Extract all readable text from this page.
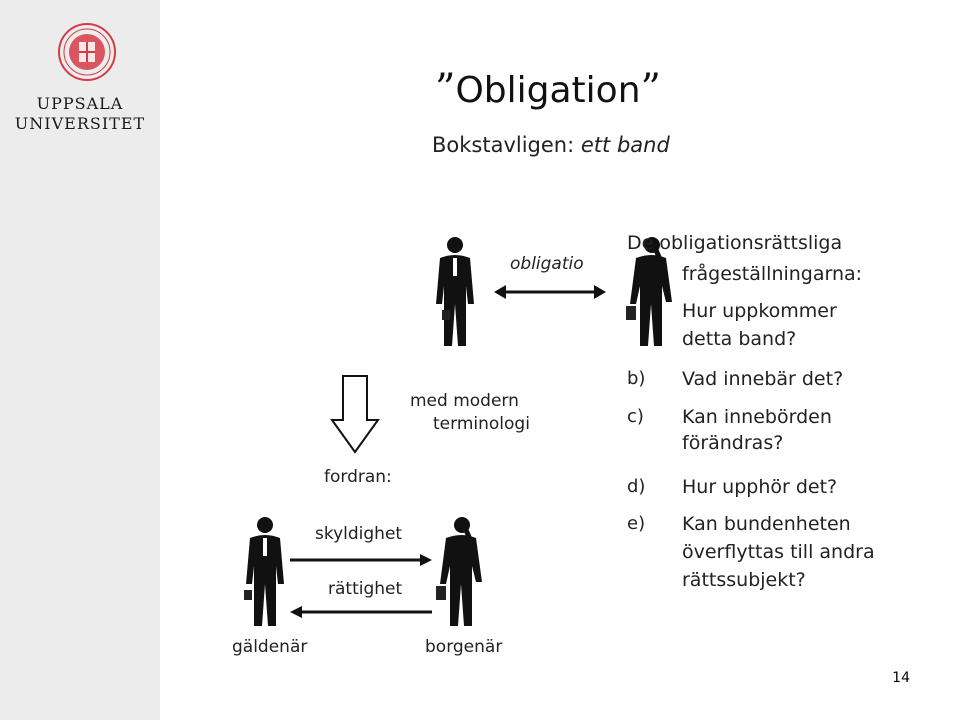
UPPSALA
UNIVERSITET
”Obligation”
Bokstavligen: ett band
obligatio
med modern
terminologi
fordran:
skyldighet
rättighet
gäldenär	borgenär
De obligationsrättsliga
frågeställningarna:
Hur uppkommer
detta band?
b) Vad innebär det?
c) Kan innebörden
förändras?
d) Hur upphör det?
e) Kan bundenheten
överflyttas till andra
rättssubjekt?
14
